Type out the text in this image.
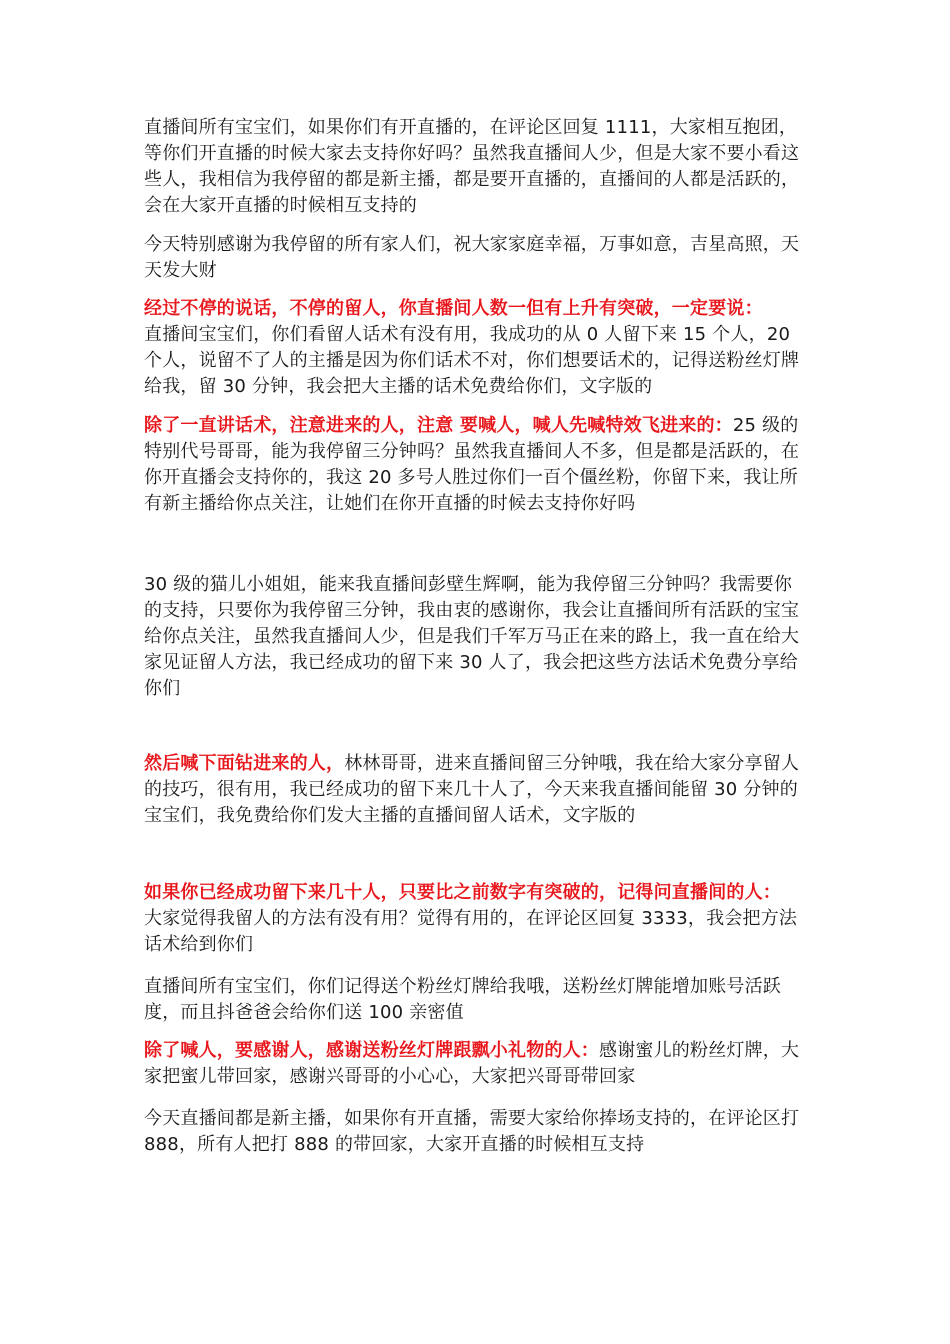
直播间所有宝宝们，如果你们有开直播的，在评论区回复 1111，大家相互抱团，等你们开直播的时候大家去支持你好吗？虽然我直播间人少，但是大家不要小看这些人，我相信为我停留的都是新主播，都是要开直播的，直播间的人都是活跃的，会在大家开直播的时候相互支持的

今天特别感谢为我停留的所有家人们，祝大家家庭幸福，万事如意，吉星高照，天天发大财

经过不停的说话，不停的留人，你直播间人数一但有上升有突破，一定要说：
直播间宝宝们，你们看留人话术有没有用，我成功的从 0 人留下来 15 个人，20 个人，说留不了人的主播是因为你们话术不对，你们想要话术的，记得送粉丝灯牌给我，留 30 分钟，我会把大主播的话术免费给你们，文字版的

除了一直讲话术，注意进来的人，注意 要喊人，喊人先喊特效飞进来的：25 级的特别代号哥哥，能为我停留三分钟吗？虽然我直播间人不多，但是都是活跃的，在你开直播会支持你的，我这 20 多号人胜过你们一百个僵丝粉，你留下来，我让所有新主播给你点关注，让她们在你开直播的时候去支持你好吗

30 级的猫儿小姐姐，能来我直播间彭壁生辉啊，能为我停留三分钟吗？我需要你的支持，只要你为我停留三分钟，我由衷的感谢你，我会让直播间所有活跃的宝宝给你点关注，虽然我直播间人少，但是我们千军万马正在来的路上，我一直在给大家见证留人方法，我已经成功的留下来 30 人了，我会把这些方法话术免费分享给你们

然后喊下面钻进来的人，林林哥哥，进来直播间留三分钟哦，我在给大家分享留人的技巧，很有用，我已经成功的留下来几十人了，今天来我直播间能留 30 分钟的宝宝们，我免费给你们发大主播的直播间留人话术，文字版的

如果你已经成功留下来几十人，只要比之前数字有突破的，记得问直播间的人：
大家觉得我留人的方法有没有用？觉得有用的，在评论区回复 3333，我会把方法话术给到你们

直播间所有宝宝们，你们记得送个粉丝灯牌给我哦，送粉丝灯牌能增加账号活跃度，而且抖爸爸会给你们送 100 亲密值

除了喊人，要感谢人，感谢送粉丝灯牌跟飘小礼物的人：感谢蜜儿的粉丝灯牌，大家把蜜儿带回家，感谢兴哥哥的小心心，大家把兴哥哥带回家

今天直播间都是新主播，如果你有开直播，需要大家给你捧场支持的，在评论区打 888，所有人把打 888 的带回家，大家开直播的时候相互支持
